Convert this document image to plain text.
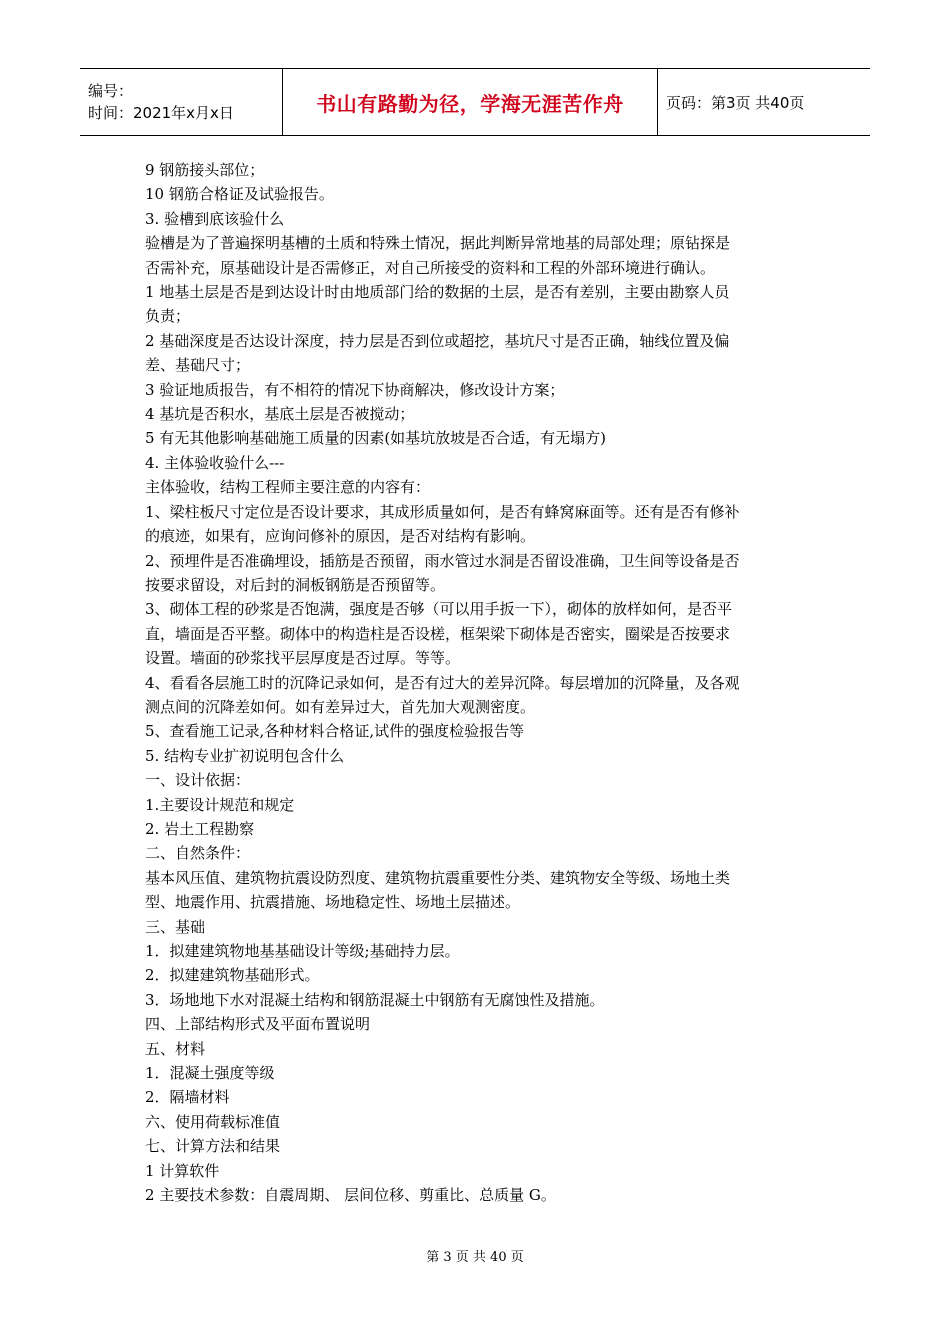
编号：
时间：2021年x月x日	书山有路勤为径，学海无涯苦作舟	页码：第3页 共40页

9 钢筋接头部位；

10 钢筋合格证及试验报告。

3. 验槽到底该验什么

验槽是为了普遍探明基槽的土质和特殊土情况，据此判断异常地基的局部处理；原钻探是

否需补充，原基础设计是否需修正，对自己所接受的资料和工程的外部环境进行确认。

1 地基土层是否是到达设计时由地质部门给的数据的土层，是否有差别，主要由勘察人员

负责；

2 基础深度是否达设计深度，持力层是否到位或超挖，基坑尺寸是否正确，轴线位置及偏

差、基础尺寸；

3 验证地质报告，有不相符的情况下协商解决，修改设计方案；

4 基坑是否积水，基底土层是否被搅动；

5 有无其他影响基础施工质量的因素(如基坑放坡是否合适，有无塌方)

4. 主体验收验什么---

主体验收，结构工程师主要注意的内容有：

1、梁柱板尺寸定位是否设计要求，其成形质量如何，是否有蜂窝麻面等。还有是否有修补

的痕迹，如果有，应询问修补的原因，是否对结构有影响。

2、预埋件是否准确埋设，插筋是否预留，雨水管过水洞是否留设准确，卫生间等设备是否

按要求留设，对后封的洞板钢筋是否预留等。

3、砌体工程的砂浆是否饱满，强度是否够（可以用手扳一下），砌体的放样如何，是否平

直，墙面是否平整。砌体中的构造柱是否设槎，框架梁下砌体是否密实，圈梁是否按要求

设置。墙面的砂浆找平层厚度是否过厚。等等。

4、看看各层施工时的沉降记录如何，是否有过大的差异沉降。每层增加的沉降量，及各观

测点间的沉降差如何。如有差异过大，首先加大观测密度。

5、查看施工记录,各种材料合格证,试件的强度检验报告等

5. 结构专业扩初说明包含什么

一、设计依据：

1.主要设计规范和规定

2. 岩土工程勘察

二、自然条件：

基本风压值、建筑物抗震设防烈度、建筑物抗震重要性分类、建筑物安全等级、场地土类

型、地震作用、抗震措施、场地稳定性、场地土层描述。

三、基础

1．拟建建筑物地基基础设计等级;基础持力层。

2．拟建建筑物基础形式。

3．场地地下水对混凝土结构和钢筋混凝土中钢筋有无腐蚀性及措施。

四、上部结构形式及平面布置说明

五、材料

1．混凝土强度等级

2．隔墙材料

六、使用荷载标准值

七、计算方法和结果

1 计算软件

2 主要技术参数：自震周期、 层间位移、剪重比、总质量 G。

第 3 页 共 40 页
